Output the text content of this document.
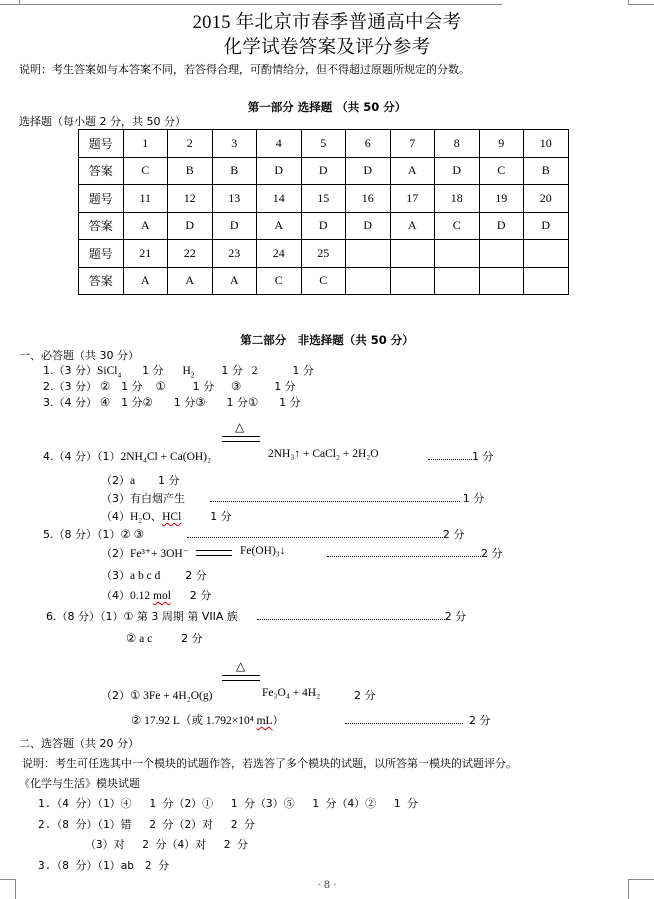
2015 年北京市春季普通高中会考
化学试卷答案及评分参考
说明：考生答案如与本答案不同，若答得合理，可酌情给分，但不得超过原题所规定的分数。
第一部分 选择题 （共 50 分）
选择题（每小题 2 分，共 50 分）
题号	1	2	3	4	5	6	7	8	9	10
答案	C	B	B	D	D	D	A	D	C	B
题号	11	12	13	14	15	16	17	18	19	20
答案	A	D	D	A	D	D	A	C	D	D
题号	21	22	23	24	25					
答案	A	A	A	C	C					
第二部分　非选择题（共 50 分）
一、必答题（共 30 分）
1.（3 分）SiCl$_4$ 1 分 $H_2$ 1 分 2	1 分
2.（3 分） ② 1 分 ① 1 分 ③	1 分
3.（4 分） ④ 1 分② 1 分③ 1 分① 1 分
△
4.（4 分）（1）2NH₄Cl + Ca(OH)₂	2NH₃↑ + CaCl₂ + 2H₂O	1 分
（2）a 1 分
（3）有白烟产生	1 分
（4）H₂O、HCl	1 分
5.（8 分）（1）② ③	2 分
（2）Fe³⁺+ 3OH⁻	Fe(OH)₃↓	2 分
（3）a b c d 2 分
（4）0.12 mol 2 分
6.（8 分）（1）① 第 3 周期 第 VIIA 族	2 分
② a c	2 分
△
（2）① 3Fe + 4H₂O(g)	Fe₃O₄ + 4H₂	2 分
② 17.92 L（或 1.792×10⁴ mL）	2 分
二、选答题（共 20 分）
说明：考生可任选其中一个模块的试题作答，若选答了多个模块的试题，以所答第一模块的试题评分。
《化学与生活》模块试题
1.（4 分）（1）④　 1 分（2）①　 1 分（3）⑤　 1 分（4）②　 1 分
2.（8 分）（1）错　 2 分（2）对　 2 分
（3）对　 2 分（4）对　 2 分
3.（8 分）（1）ab　2 分
· 8 ·
